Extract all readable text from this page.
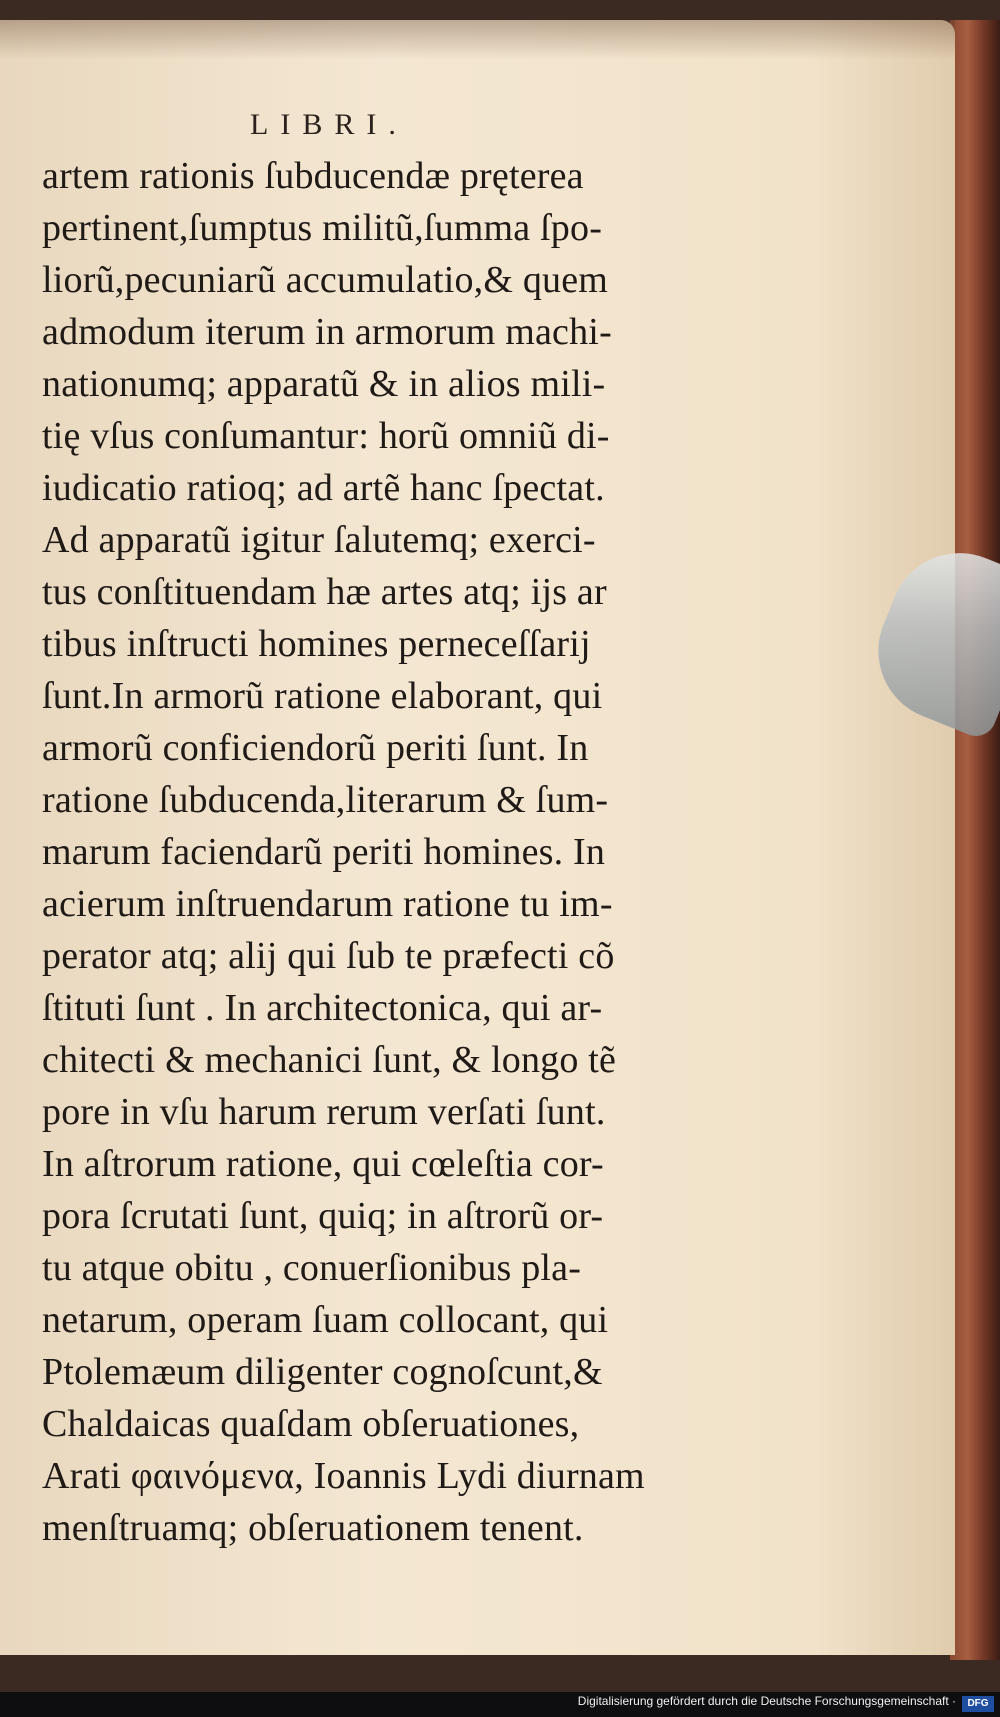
LIBRI.
artem rationis ſubducendæ pręterea
pertinent,ſumptus militũ,ſumma ſpo-
liorũ,pecuniarũ accumulatio,& quem
admodum iterum in armorum machi-
nationumq; apparatũ & in alios mili-
tię vſus conſumantur: horũ omniũ di-
iudicatio ratioq; ad artẽ hanc ſpectat.
Ad apparatũ igitur ſalutemq; exerci-
tus conſtituendam hæ artes atq; ijs ar
tibus inſtructi homines perneceſſarij
ſunt.In armorũ ratione elaborant, qui
armorũ conficiendorũ periti ſunt. In
ratione ſubducenda,literarum & ſum-
marum faciendarũ periti homines. In
acierum inſtruendarum ratione tu im-
perator atq; alij qui ſub te præfecti cõ
ſtituti ſunt . In architectonica, qui ar-
chitecti & mechanici ſunt, & longo tẽ
pore in vſu harum rerum verſati ſunt.
In aſtrorum ratione, qui cœleſtia cor-
pora ſcrutati ſunt, quiq; in aſtrorũ or-
tu atque obitu , conuerſionibus pla-
netarum, operam ſuam collocant, qui
Ptolemæum diligenter cognoſcunt,&
Chaldaicas quaſdam obſeruationes,
Arati φαινόμενα, Ioannis Lydi diurnam
menſtruamq; obſeruationem tenent.
Digitalisierung gefördert durch die Deutsche Forschungsgemeinschaft ·	DFG
